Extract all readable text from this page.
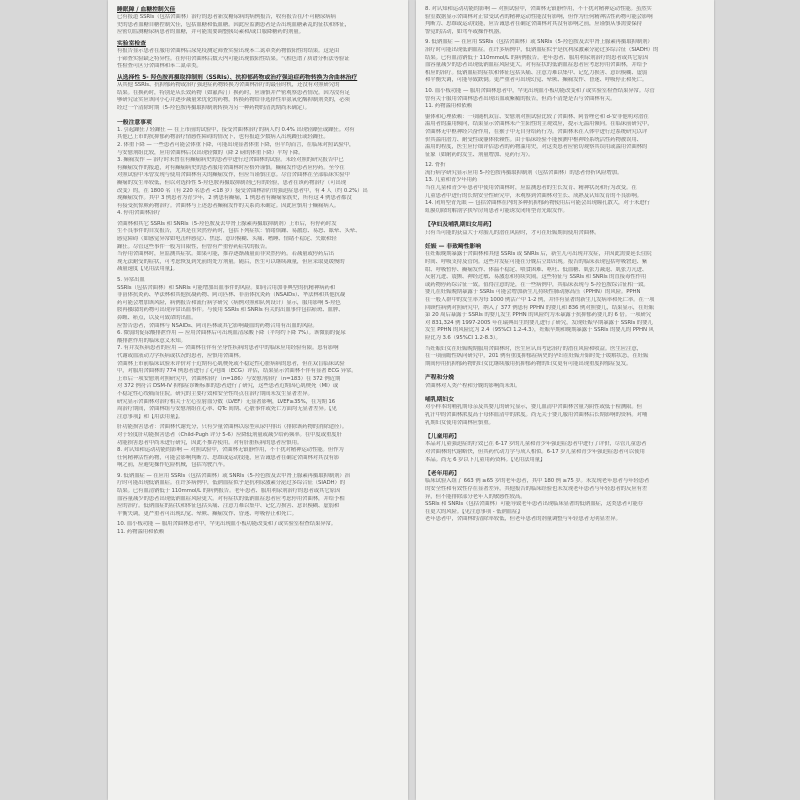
睡眠障 / 血糖控制欠佳
已有报道 SSRIs（包括舍曲林）治疗的患者新发糖尿病的病例报告，收有报告在/不可糖尿病病
史的患者血糖自糖控制欠佳，包括血糖和低血糖。因此应监测患者是否出现血糖紊乱的征状和体征，
应密切监测糖尿病患者的血糖，并可能需要调整胰岛素和/或口服降糖药的剂量。
实验室检查
有报告显示患者在服用舍曲林后尿免疫测定筛查实验出现苯二氮䓬类药物假阳性的结果。这是由
于筛查实验缺乏特异性。在停用舍曲林后数天内可能出现假阳性结果。气相色谱 / 质谱分析法等验证
性检查可区分舍曲林和苯二氮䓬类。
从选择性 5- 羟色胺再摄取抑制剂（SSRIs）、抗抑郁药物或治疗强迫症药物转换为舍曲林治疗
从其他 SSRIs、抗抑郁药物或治疗强迫症药物转换为舍曲林治疗的最佳时机，还没有对照研究的
结果。在换药时，特别是从长效药物（如氟西汀）换药时，应谨慎并严密观察患者情况。因为没有足
够研究证实应该向小心并逐步减量来优化的药物，转换药物给非选择性单氨氧化酶抑制剂类的，必须
经过一个清除时期（5-羟色胺再摄取抑制剂转换为另一种药物的清洗期尚未确定）。
一般注意事项
1. 引起躁狂 / 轻躁狂 — 在上市前的试验中，接受舍曲林治疗的病人约 0.4% 出现轻躁狂或躁狂。对有
其他已上市的抗抑郁药物治疗情感性障碍的情况下，也有报道少数病人出现躁狂或轻躁狂。
2. 体重下降 — 一些患者可能会体重下降，可能出现显著体重下降，但平均而言，在临床对照试验中，
与安慰剂组比较，应用舍曲林后仅出现轻微的（降 2 磅的体重下降）平均下降。
3. 癫痫发作 — 治疗时未曾在有癫痫病史的患者中进行过舍曲林的试验。未经对照的研究报告中已
有癫痫发作的报道，对有癫痫病史的患者服用舍曲林时应格外谨慎。癫痫发作患者应停药。至今在
对照试验中未曾发现与使用舍曲林有关的癫痫发作，但应当谨慎注意。尽管舍曲林在全部临床实验中
癫痫的发生率较低，但以对选择性 5-羟色胺再摄取抑制剂已有的经验，患者在该药物治疗（可出现
改变）的，在 1800 名（有 220 名患者 <18 岁）接受舍曲林治疗的强迫症患者中，有 4 人（约 0.2%）出
现癫痫发作。其中 3 例患者为青少年，2 例患有癫痫，1 例患者有癫痫家族史，所有这 4 例患者都没
有接受抗惊厥药物治疗。舍曲林与上述患者癫痫发作的关系尚未确定。因此应慎用于癫痫病人。
4. 停用舍曲林治疗
舍曲林和其它 SSRIs 和 SNRIs（5-羟色胺及去甲肾上腺素再摄取抑制剂）上市后，有停药时发
生不良事件的自发报告，尤其是在突然停药时，包括下列症状：情绪烦躁、易激惹、易怒、眩晕、头晕、
感觉障碍（如感觉异常如电击样感觉）、焦虑、意识模糊、头痛、嗜睡、情绪不稳定、失眠和轻
躁狂。尽管这些事件一般为自限性，但曾有严重停药症状的报告。
当停用舍曲林时，应监测其症状。如果可能，推荐逐渐减量而非突然停药。若减量或停药后出
现无法耐受的症状，可考虑恢复到先前的处方剂量。随后，医生可以继续减量，但应采取更缓慢的
减量速度【见用法用量】。
5. 异常出血
SSRIs（包括舍曲林）和 SNRIs 可能增加出血事件的风险。如同合用加非典型的抗精神病药和
非甾体抗炎药、华法林和其他抗凝药物、阿司匹林、非甾体抗炎药（NSAIDs）、华法林和其他抗凝
药可能会增加该风险，病例报告和流行病学研究（病例对照和队列设计）显示，服用影响 5-羟色
胺再摄取的药物可出现异常出血事件。与使用 SSRIs 和 SNRIs 有关的出血事件包括瘀斑、血肿、
鼻衄、瘀点，以及可致命的出血。
应警告患者，舍曲林与 NSAIDs、阿司匹林或其它影响凝血的药物合用有出血的风险。
6. 微弱的促尿酸排泄作用 — 应用舍曲林后可出现血清尿酸下降（平均约下降 7%）。该微弱的促尿
酸排泄作用的临床意义未知。
7. 有并发疾病患者的应用 — 舍曲林在伴有全身性疾病的患者中的临床应用经验有限。患有影响
代谢或血液动力学疾病或状况的患者，应慎用舍曲林。
舍曲林上市前临床试验未评价对于近期有心肌梗死或不稳定性心脏病病的患者，但在双盲临床试验
中，对服用舍曲林的 774 例患者进行了心电图（ECG）评估，结果显示舍曲林不伴有显著 ECG 异常。
上市后一项安慰剂对照研究中，舍曲林治疗（n=186）与安慰剂治疗（n=183）在 372 例近期
对 372 例符合 DSM-IV 抑郁症诊断标准的患者进行了研究，这些患者近期因心肌梗死（MI）或
不稳定性心绞痛而住院。研究的主要疗效和安全性终点在治疗期间未发生显著差异。
研究显示舍曲林对治疗相关于左心室射血分数（LVEF）无显著影响，LVEF≥35%，在为期 16
周治疗期间，舍曲林组与安慰剂组在心率、QTc 间期、心脏事件或死亡方面均无显著差异。【见
注意事项】和【用法用量】。
肝功能损害患者：舍曲林代谢充分，只有少量舍曲林以原型从尿中排出（排除该药物的消除途径）。
对于轻度肝功能损害患者（Child-Pugh 评分 5-6）应降低剂量或减少给药频率。在中度或重度肝
功能损害患者中尚未进行研究，因此不推荐使用。对有肝脏疾病的患者应慎用。
8. 对认知和运动功能的影响 — 对照试验中，舍曲林无镇静作用，不干扰对精神运动性能。但作为
任何精神活性药物，可能会影响判断力、思维或运动技能，应告诫患者在确定舍曲林对其没有影
响之前，应避免操作危险机械，包括驾驶汽车。
9. 低钠血症 — 在应用 SSRIs（包括舍曲林）或 SNRIs（5-羟色胺及去甲肾上腺素再摄取抑制剂）治
疗时可能出现低钠血症。在许多病例中，低钠血症似乎是抗利尿激素分泌过多综合征（SIADH）的
结果。已有血清钠低于 110mmol/L 的病例报告。老年患者、服用利尿剂治疗的患者或其它原因
血容量减少的患者出现低钠血症风险更大。对有症状的低钠血症患者应考虑停用舍曲林，并给予相
应的治疗。低钠血症的症状和体征包括头痛、注意力难以集中、记忆力损害、意识模糊、虚弱和
平衡失调，更严重者可出现幻觉、晕厥、癫痫发作、昏迷、呼吸停止和死亡。
10. 血小板功能 — 服用舍曲林患者中，罕见出现血小板功能改变和 / 或实验室检查结果异常。
11. 药物滥用和依赖
8. 对认知和运动功能的影响 — 对照试验中，舍曲林无镇静作用，不干扰对精神运动性能。虽然实
验室数据显示舍曲林对正常受试者的精神运动性能没有影响，但作为任何精神活性药物可能会影响
判断力、思维或运动技能，应告诫患者在确定舍曲林对其没有影响之前，应谨慎从事需要保持
警觉的活动，如驾车或操作机器。
9. 低钠血症 — 在应用 SSRIs（包括舍曲林）或 SNRIs（5-羟色胺及去甲肾上腺素再摄取抑制剂）
治疗时可能出现低钠血症。在许多病例中，低钠血症似乎是抗利尿激素分泌过多综合征（SIADH）的
结果。已有血清钠低于 110mmol/L 的病例报告。老年患者、服用利尿剂治疗的患者或其它原因
血容量减少的患者出现低钠血症风险更大。对有症状的低钠血症患者应考虑停用舍曲林，并给予
相应的治疗。低钠血症的症状和体征包括头痛、注意力难以集中、记忆力损害、意识模糊、虚弱
和平衡失调，可能导致跌倒。更严重者可出现幻觉、晕厥、癫痫发作、昏迷、呼吸停止和死亡。
10. 血小板功能 — 服用舍曲林患者中，罕见出现血小板功能改变和 / 或实验室检查结果异常。尽管
曾有关于服用舍曲林患者出现出血或紫癜的报告，但尚不清楚是否与舍曲林有关。
11. 药物滥用和依赖
躯体和心理依赖：一项随机双盲、安慰剂对照试验比较了舍曲林、阿普唑仑和 d-安非他明对潜在
滥用者的滥用倾向，结果显示舍曲林未产生阳性的主观效应，提示无滥用倾向。在临床前研究中，
舍曲林无中枢神经兴奋作用，在猴子中无自身给药行为。舍曲林未在人体中进行过系统研究以评
价其滥用潜力、耐受性或躯体依赖性。由于临床经验不能预测中枢神经系统活性药物被误用、
滥用的程度，医生应仔细评估患者的药物滥用史，对这类患者应密切观察其误用或滥用舍曲林的
征象（如耐药的发生、剂量增加、觅药行为）。
12. 骨折
流行病学研究显示应用 5-羟色胺再摄取抑制剂（包括舍曲林）的患者骨折风险增加。
13. 儿童和青少年用药
当在儿童和青少年患者中使用舍曲林时，应监测患者的生长发育、精神状况和行为改变。在
儿童患者中进行的长期安全性研究中，未观察到舍曲林对生长、成熟及认知发育的不良影响。
14. 闭角型青光眼 — 包括舍曲林在内的多种抗抑郁药物使用后可能会出现瞳孔散大，对于未进行
虹膜切除的解剖学狭窄房角患者可能诱发闭角型青光眼发作。
【孕妇及哺乳期妇女用药】
只有当可能的获益大于对胎儿的潜在风险时，才可在妊娠期间使用舍曲林。
妊娠 — 非致畸性影响
在妊娠晚期暴露于舍曲林和其他 SSRIs 或 SNRIs 后，新生儿可出现并发症，并因此需要延长住院
时间、呼吸支持及管饲。这些并发症可能在分娩后立即出现。报告的临床表现包括呼吸窘迫、紫
绀、呼吸暂停、癫痫发作、体温不稳定、喂食困难、呕吐、低血糖、肌张力减退、肌张力亢进、
反射亢进、震颤、神经过敏、易激惹和持续哭闹。这些特征与 SSRIs 和 SNRIs 的直接毒性作用
或药物停药综合征一致。值得注意的是，在一些病例中，其临床表现与 5-羟色胺综合征相一致。
婴儿在妊娠晚期暴露于 SSRIs 可能会增加新生儿持续性肺动脉高压（PPHN）的风险。PPHN
在一般人群中的发生率为每 1000 例活产中 1-2 例，并伴有显著的新生儿发病率和死亡率。在一项
回顾性病例对照研究中，纳入了 377 例患有 PPHN 的婴儿和 836 例对照婴儿，结果显示，在妊娠
第 20 周后暴露于 SSRIs 的婴儿发生 PPHN 的风险约为未暴露于抗抑郁药婴儿的 6 倍。一项研究
对 831,324 例 1997-2005 年在瑞典出生的婴儿进行了研究，发现妊娠早期暴露于 SSRIs 的婴儿
发生 PPHN 的风险比为 2.4（95%CI 1.2-4.3），妊娠早期和晚期暴露于 SSRIs 的婴儿的 PPHN 风
险比为 3.6（95%CI 1.2-8.3）。
当妊娠妇女在妊娠晚期服用舍曲林时，医生应认真考虑治疗的潜在风险和收益。医生应注意，
在一项前瞻性纵向研究中，201 例有重度抑郁症病史的孕妇在妊娠开始时处于缓解状态，在妊娠
期间停用抗抑郁药物的妇女比继续服用抗抑郁药物的妇女更有可能出现重度抑郁症复发。
产程和分娩
舍曲林对人类产程和分娩的影响尚未知。
哺乳期妇女
对小样本的哺乳期母亲及其婴儿的研究显示，婴儿血清中舍曲林含量为阴性或低于检测限。但
乳汁中的舍曲林浓度高于母体血清中的浓度。尚无关于婴儿服用舍曲林后长期影响的资料。对哺
乳期妇女使用舍曲林应慎重。
【儿童用药】
本品对儿童强迫症的疗效已在 6-17 岁的儿童和青少年强迫症患者中进行了评价，尽管儿童患者
对舍曲林的代谢略快，但其药代动力学与成人相似。6-17 岁儿童和青少年强迫症患者可以使用
本品。尚无 6 岁以下儿童用药资料。【见用法用量】
【老年用药】
临床试验入组了 663 例 ≥65 岁的老年患者，其中 180 例 ≥75 岁。未发现老年患者与年轻患者
的安全性和有效性存在显著差异，其他报告的临床经验也未发现老年患者与年轻患者的反应有差
异，但不能排除部分老年人的敏感性较高。
SSRIs 和 SNRIs（包括舍曲林）可能导致老年患者出现临床显著的低钠血症，这类患者可能存
在更大的风险。【见注意事项 - 低钠血症】
老年患者中，舍曲林的清除率较低，但老年患者的剂量调整与年轻患者无明显差异。
